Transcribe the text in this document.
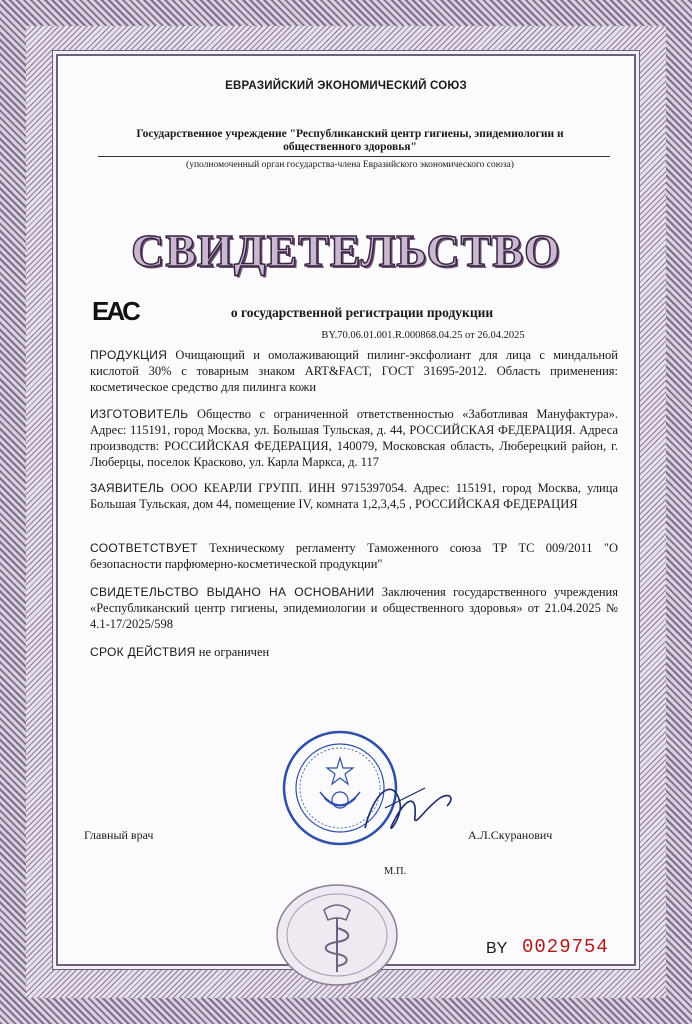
ЕВРАЗИЙСКИЙ ЭКОНОМИЧЕСКИЙ СОЮЗ
Государственное учреждение "Республиканский центр гигиены, эпидемиологии и общественного здоровья"
(уполномоченный орган государства-члена Евразийского экономического союза)
СВИДЕТЕЛЬСТВО
EAC	о государственной регистрации продукции
BY.70.06.01.001.R.000868.04.25 от 26.04.2025
ПРОДУКЦИЯ Очищающий и омолаживающий пилинг-эксфолиант для лица с миндальной кислотой 30% с товарным знаком ART&FACT, ГОСТ 31695-2012. Область применения: косметическое средство для пилинга кожи
ИЗГОТОВИТЕЛЬ Общество с ограниченной ответственностью «Заботливая Мануфактура». Адрес: 115191, город Москва, ул. Большая Тульская, д. 44, РОССИЙСКАЯ ФЕДЕРАЦИЯ. Адреса производств: РОССИЙСКАЯ ФЕДЕРАЦИЯ, 140079, Московская область, Люберецкий район, г. Люберцы, поселок Красково, ул. Карла Маркса, д. 117
ЗАЯВИТЕЛЬ ООО КЕАРЛИ ГРУПП. ИНН 9715397054. Адрес: 115191, город Москва, улица Большая Тульская, дом 44, помещение IV, комната 1,2,3,4,5 , РОССИЙСКАЯ ФЕДЕРАЦИЯ
СООТВЕТСТВУЕТ Техническому регламенту Таможенного союза ТР ТС 009/2011 "О безопасности парфюмерно-косметической продукции"
СВИДЕТЕЛЬСТВО ВЫДАНО НА ОСНОВАНИИ Заключения государственного учреждения «Республиканский центр гигиены, эпидемиологии и общественного здоровья» от 21.04.2025 № 4.1-17/2025/598
СРОК ДЕЙСТВИЯ не ограничен
Главный врач	А.Л.Скуранович
М.П.
BY 0029754
